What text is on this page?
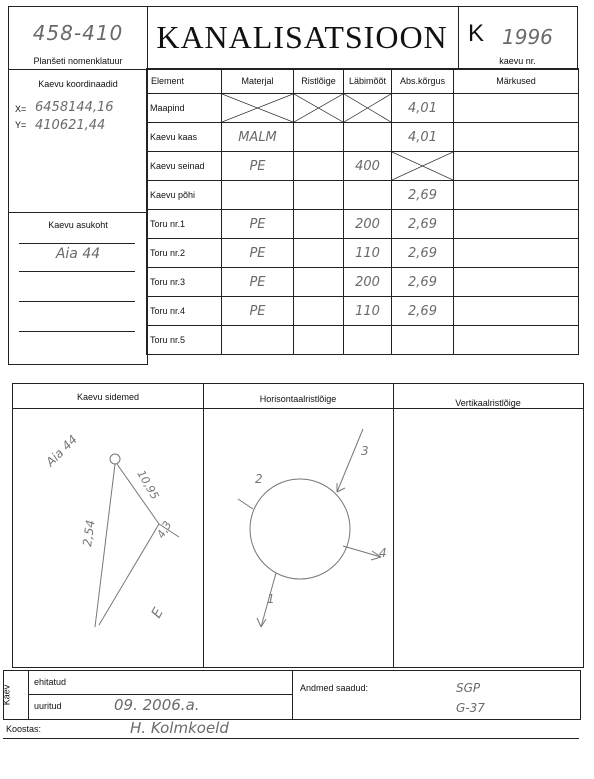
458-410
Planšeti nomenklatuur
KANALISATSIOON K 1996
kaevu nr.
Kaevu koordinaadid
X= 6458144,16
Y= 410621,44
Kaevu asukoht
Aia 44
Element	Materjal	Ristlõige	Läbimõõt	Abs.kõrgus	Märkused
Maapind				4,01	
Kaevu kaas	MALM			4,01	
Kaevu seinad	PE		400	

Kaevu põhi				2,69	
Toru nr.1	PE		200	2,69	
Toru nr.2	PE		110	2,69	
Toru nr.3	PE		200	2,69	
Toru nr.4	PE		110	2,69	
Toru nr.5					
Kaevu sidemed	Horisontaalristlõige	Vertikaalristlõige
Aia 44
10,95
2,54	4,3
E
2
3
4
1
Kaev
ehitatud
uuritud	09. 2006.a.
Andmed saadud:	SGP
G-37
Koostas:	H. Kolmkoeld
